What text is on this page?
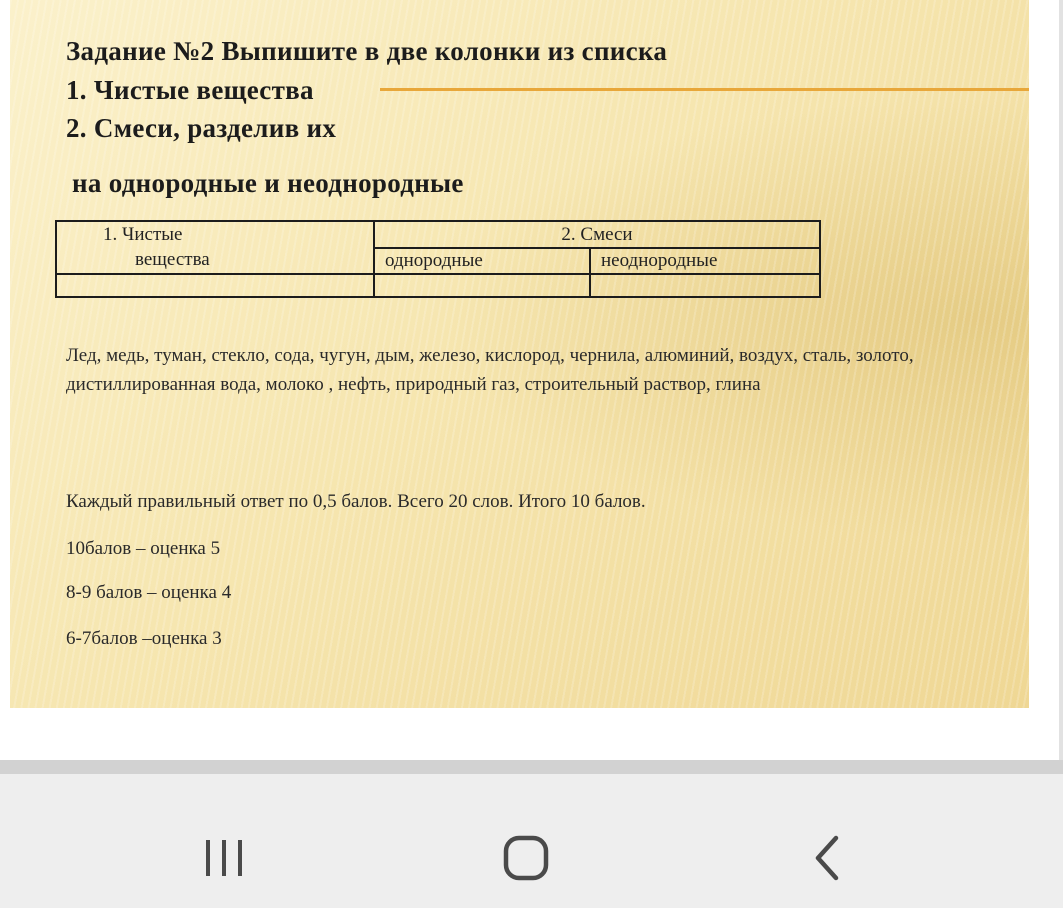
Задание №2 Выпишите в две колонки из списка
1. Чистые вещества
2. Смеси, разделив их
на однородные и неоднородные
1. Чистые
вещества	2. Смеси	
	однородные	неоднородные

Лед, медь, туман, стекло, сода, чугун, дым, железо, кислород, чернила, алюминий, воздух, сталь, золото, дистиллированная вода, молоко , нефть, природный газ, строительный раствор, глина
Каждый правильный ответ по 0,5 балов. Всего 20 слов. Итого 10 балов.
10балов – оценка 5
8-9 балов – оценка 4
6-7балов –оценка 3
